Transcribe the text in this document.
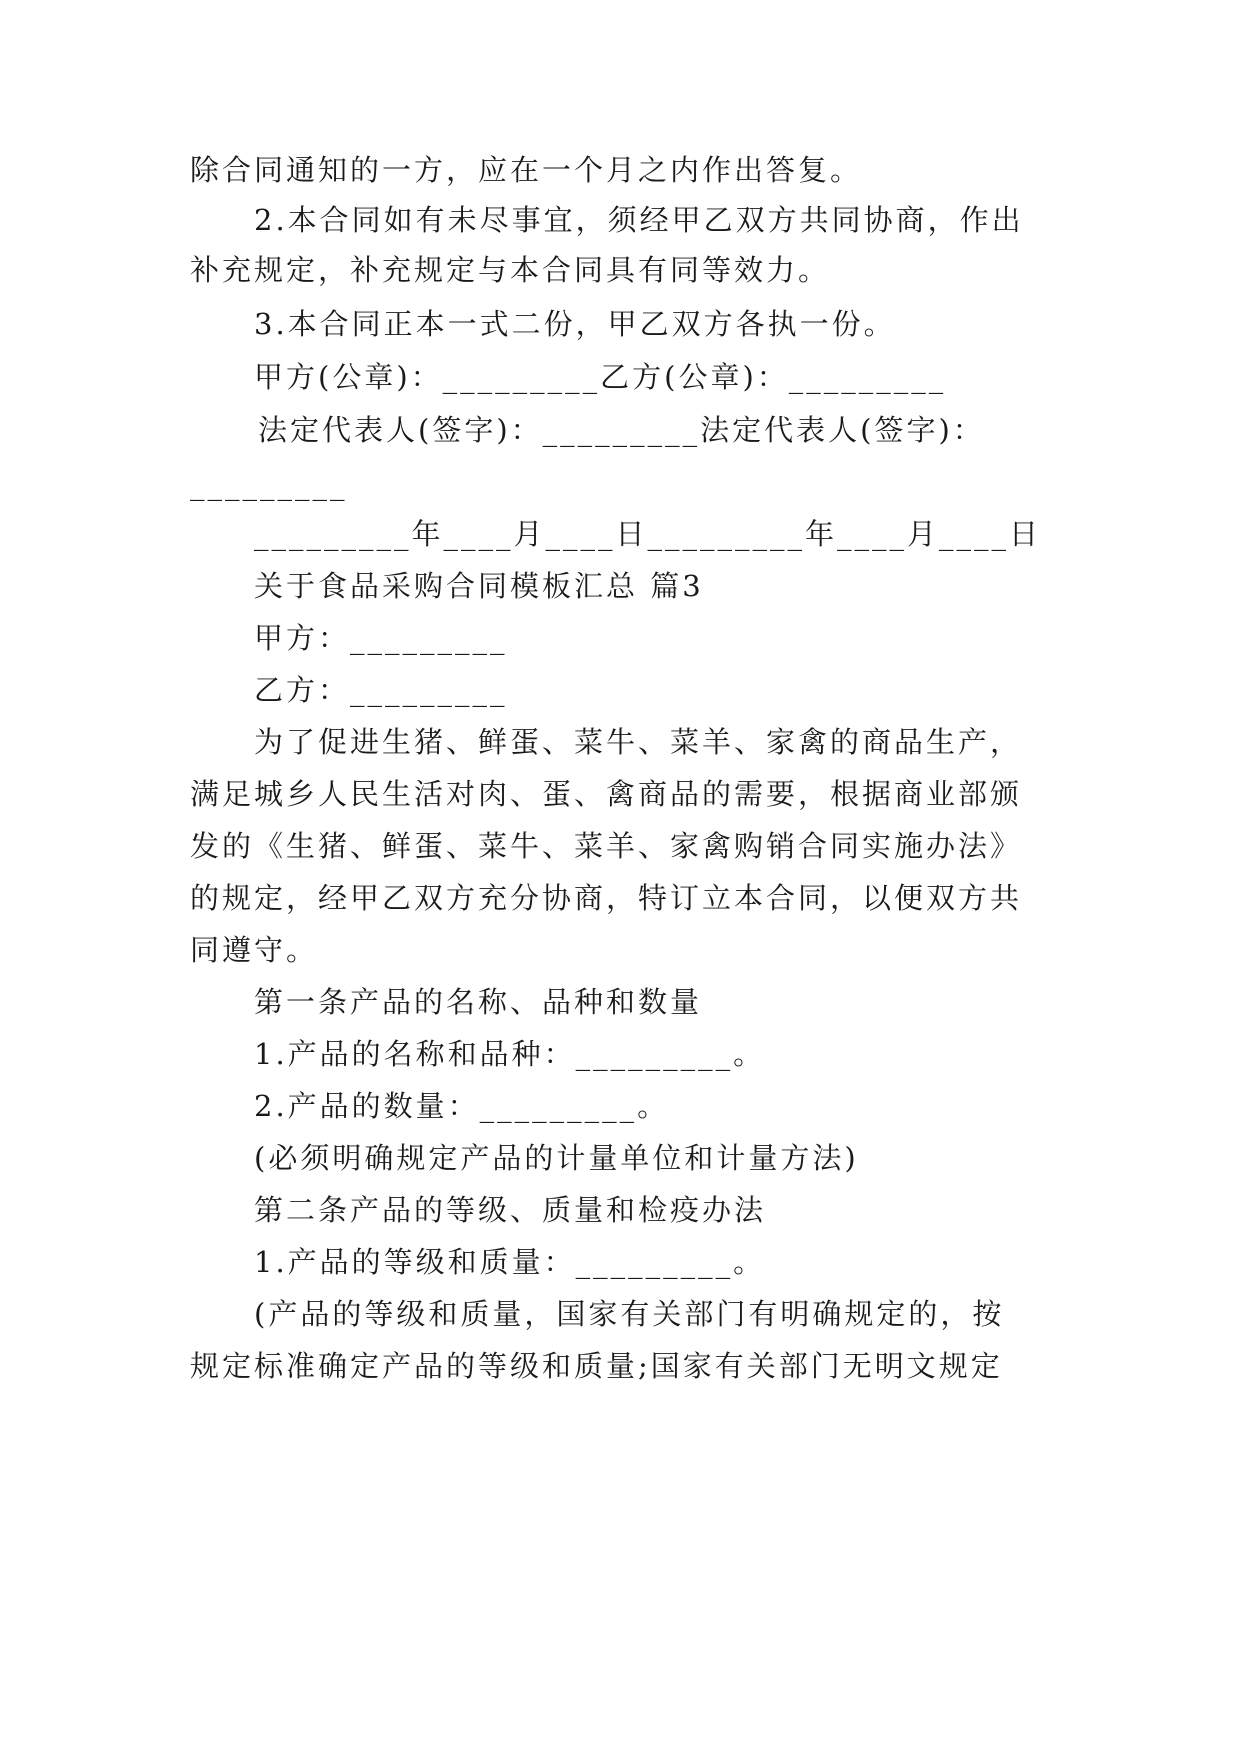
除合同通知的一方，应在一个月之内作出答复。
2.本合同如有未尽事宜，须经甲乙双方共同协商，作出
补充规定，补充规定与本合同具有同等效力。
3.本合同正本一式二份，甲乙双方各执一份。
甲方(公章)：_________乙方(公章)：_________
法定代表人(签字)：_________法定代表人(签字)：
_________
_________年____月____日_________年____月____日
关于食品采购合同模板汇总 篇3
甲方：_________
乙方：_________
为了促进生猪、鲜蛋、菜牛、菜羊、家禽的商品生产，
满足城乡人民生活对肉、蛋、禽商品的需要，根据商业部颁
发的《生猪、鲜蛋、菜牛、菜羊、家禽购销合同实施办法》
的规定，经甲乙双方充分协商，特订立本合同，以便双方共
同遵守。
第一条产品的名称、品种和数量
1.产品的名称和品种：_________。
2.产品的数量：_________。
(必须明确规定产品的计量单位和计量方法)
第二条产品的等级、质量和检疫办法
1.产品的等级和质量：_________。
(产品的等级和质量，国家有关部门有明确规定的，按
规定标准确定产品的等级和质量;国家有关部门无明文规定
